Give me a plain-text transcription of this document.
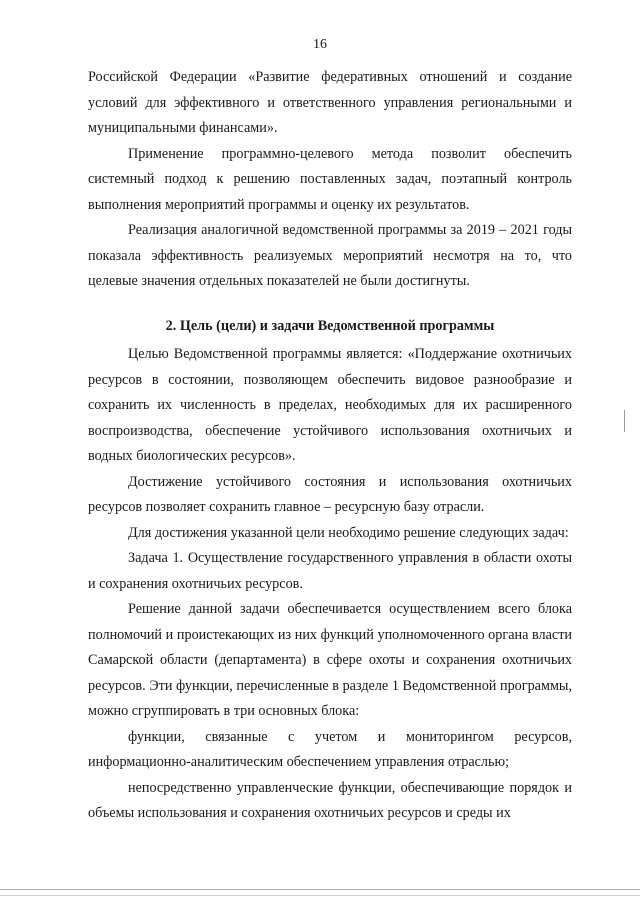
16

Российской Федерации «Развитие федеративных отношений и создание условий для эффективного и ответственного управления региональными и муниципальными финансами».

Применение программно-целевого метода позволит обеспечить системный подход к решению поставленных задач, поэтапный контроль выполнения мероприятий программы и оценку их результатов.

Реализация аналогичной ведомственной программы за 2019 – 2021 годы показала эффективность реализуемых мероприятий несмотря на то, что целевые значения отдельных показателей не были достигнуты.

2. Цель (цели) и задачи Ведомственной программы

Целью Ведомственной программы является: «Поддержание охотничьих ресурсов в состоянии, позволяющем обеспечить видовое разнообразие и сохранить их численность в пределах, необходимых для их расширенного воспроизводства, обеспечение устойчивого использования охотничьих и водных биологических ресурсов».

Достижение устойчивого состояния и использования охотничьих ресурсов позволяет сохранить главное – ресурсную базу отрасли.

Для достижения указанной цели необходимо решение следующих задач:

Задача 1. Осуществление государственного управления в области охоты и сохранения охотничьих ресурсов.

Решение данной задачи обеспечивается осуществлением всего блока полномочий и проистекающих из них функций уполномоченного органа власти Самарской области (департамента) в сфере охоты и сохранения охотничьих ресурсов. Эти функции, перечисленные в разделе 1 Ведомственной программы, можно сгруппировать в три основных блока:

функции, связанные с учетом и мониторингом ресурсов, информационно-аналитическим обеспечением управления отраслью;

непосредственно управленческие функции, обеспечивающие порядок и объемы использования и сохранения охотничьих ресурсов и среды их
